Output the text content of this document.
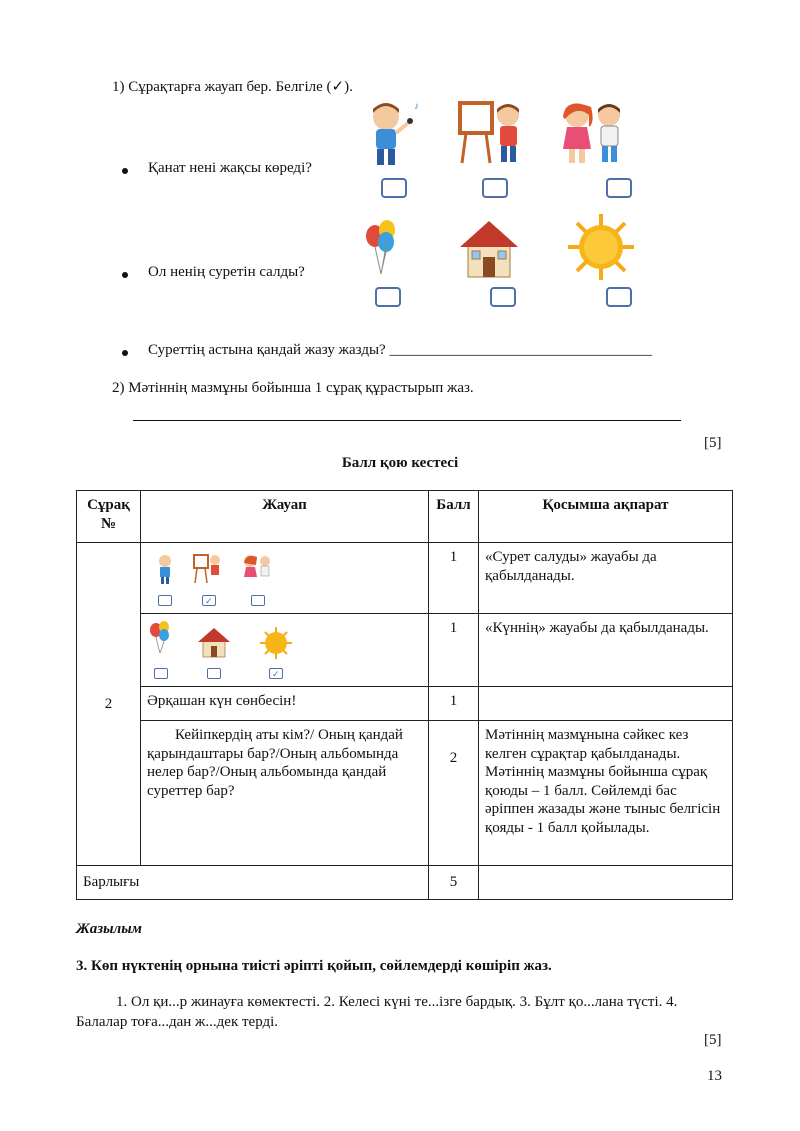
1) Сұрақтарға жауап бер. Белгіле (✓).
♪
Қанат нені жақсы көреді?
Ол ненің суретін салды?
Суреттің астына қандай жазу жазды? ___________________________________
2) Мәтіннің мазмұны бойынша 1 сұрақ құрастырып жаз.
[5]
Балл қою кестесі
Сұрақ №	Жауап	Балл	Қосымша ақпарат
2	✓	1	«Сурет салуды» жауабы да қабылданады.

	✓	1	«Күннің» жауабы да қабылданады.
	Әрқашан күн сөнбесін!	1	
	Кейіпкердің аты кім?/ Оның қандай қарындаштары бар?/Оның альбомында нелер бар?/Оның альбомында қандай суреттер бар?	2	Мәтіннің мазмұнына сәйкес кез келген сұрақтар қабылданады. Мәтіннің мазмұны бойынша сұрақ қоюды – 1 балл. Сөйлемді бас әріппен жазады және тыныс белгісін қояды - 1 балл қойылады.
Барлығы		5	
Жазылым
3. Көп нүктенің орнына тиісті әріпті қойып, сөйлемдерді көшіріп жаз.
1. Ол қи...р жинауға көмектесті. 2. Келесі күні те...ізге бардық. 3. Бұлт қо...лана түсті. 4.
Балалар тоға...дан ж...дек терді.
[5]
13
